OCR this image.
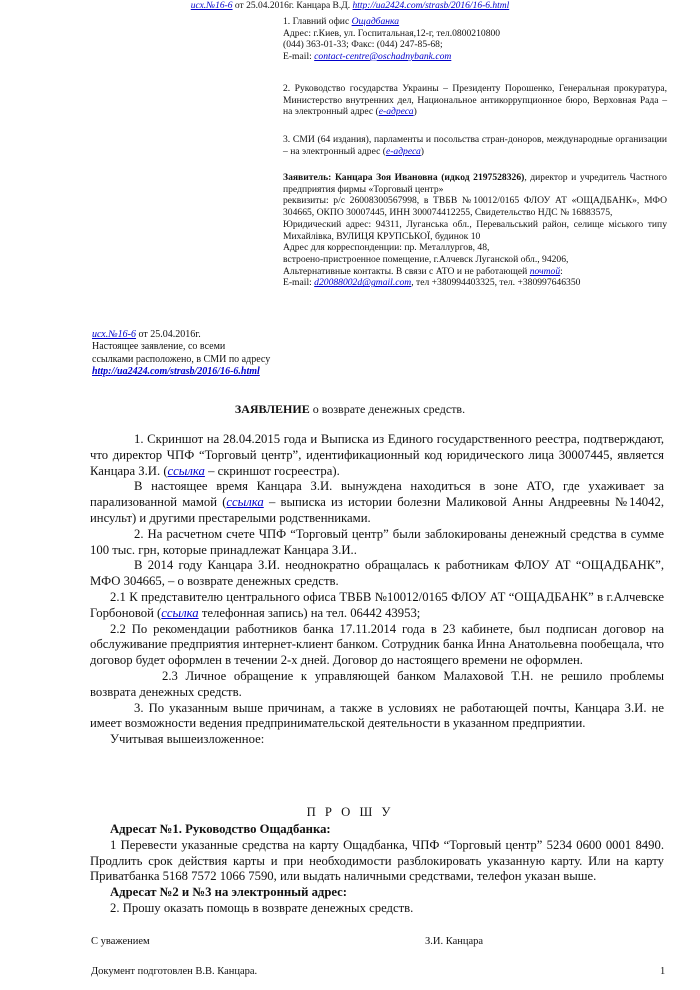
исх.№16-6 от 25.04.2016г. Канцара В.Д. http://ua2424.com/strasb/2016/16-6.html

1. Главний офис Ощадбанка

Адрес: г.Киев, ул. Госпитальная,12-г, тел.0800210800

(044) 363-01-33; Факс: (044) 247-85-68;

E-mail: contact-centre@oschadnybank.com

2. Руководство государства Украины – Президенту Порошенко, Генеральная прокуратура, Министерство внутренних дел, Национальное антикоррупционное бюро, Верховная Рада – на электронный адрес (е-адреса)

3. СМИ (64 издания), парламенты и посольства стран-доноров, международные организации – на электронный адрес (е-адреса)

Заявитель: Канцара Зоя Ивановна (идкод 2197528326), директор и учредитель Частного предприятия фирмы «Торговый центр»

реквизиты: р/с 26008300567998, в ТВБВ №10012/0165 ФЛОУ АТ «ОЩАДБАНК», МФО 304665, ОКПО 30007445, ИНН 300074412255, Свидетельство НДС № 16883575,

Юридический адрес: 94311, Луганська обл., Перевальський район, селище міського типу Михайлівка, ВУЛИЦЯ КРУПСЬКОЇ, будинок 10

Адрес для корреспонденции: пр. Металлургов, 48,

встроено-пристроенное помещение, г.Алчевск Луганской обл., 94206,

Альтернативные контакты. В связи с АТО и не работающей почтой:

E-mail: d20088002d@gmail.com, тел +380994403325, тел. +380997646350

исх.№16-6 от 25.04.2016г.
Настоящее заявление, со всеми
ссылками расположено, в СМИ по адресу
http://ua2424.com/strasb/2016/16-6.html
ЗАЯВЛЕНИЕ о возврате денежных средств.

1. Скриншот на 28.04.2015 года и Выписка из Единого государственного реестра, подтверждают, что директор ЧПФ “Торговый центр”, идентификационный код юридического лица 30007445, является Канцара З.И. (ссылка – скриншот госреестра).

В настоящее время Канцара З.И. вынуждена находиться в зоне АТО, где ухаживает за парализованной мамой (ссылка – выписка из истории болезни Маликовой Анны Андреевны №14042, инсульт) и другими престарелыми родственниками.

2. На расчетном счете ЧПФ “Торговый центр” были заблокированы денежный средства в сумме 100 тыс. грн, которые принадлежат Канцара З.И..

В 2014 году Канцара З.И. неоднократно обращалась к работникам ФЛОУ АТ “ОЩАДБАНК”, МФО 304665, – о возврате денежных средств.

2.1 К представителю центрального офиса ТВБВ №10012/0165 ФЛОУ АТ “ОЩАДБАНК” в г.Алчевске Горбоновой (ссылка телефонная запись) на тел. 06442 43953;

2.2 По рекомендации работников банка 17.11.2014 года в 23 кабинете, был подписан договор на обслуживание предприятия интернет-клиент банком. Сотрудник банка Инна Анатольевна пообещала, что договор будет оформлен в течении 2-х дней. Договор до настоящего времени не оформлен.

2.3 Личное обращение к управляющей банком Малаховой Т.Н. не решило проблемы возврата денежных средств.

3. По указанным выше причинам, а также в условиях не работающей почты, Канцара З.И. не имеет возможности ведения предпринимательской деятельности в указанном предприятии.

Учитывая вышеизложенное:

П Р О Ш У

Адресат №1. Руководство Ощадбанка:

1 Перевести указанные средства на карту Ощадбанка, ЧПФ “Торговый центр” 5234 0600 0001 8490. Продлить срок действия карты и при необходимости разблокировать указанную карту. Или на карту Приватбанка 5168 7572 1066 7590, или выдать наличными средствами, телефон указан выше.

Адресат №2 и №3 на электронный адрес:

2. Прошу оказать помощь в возврате денежных средств.

С уважением	З.И. Канцара
Документ подготовлен В.В. Канцара.	1
